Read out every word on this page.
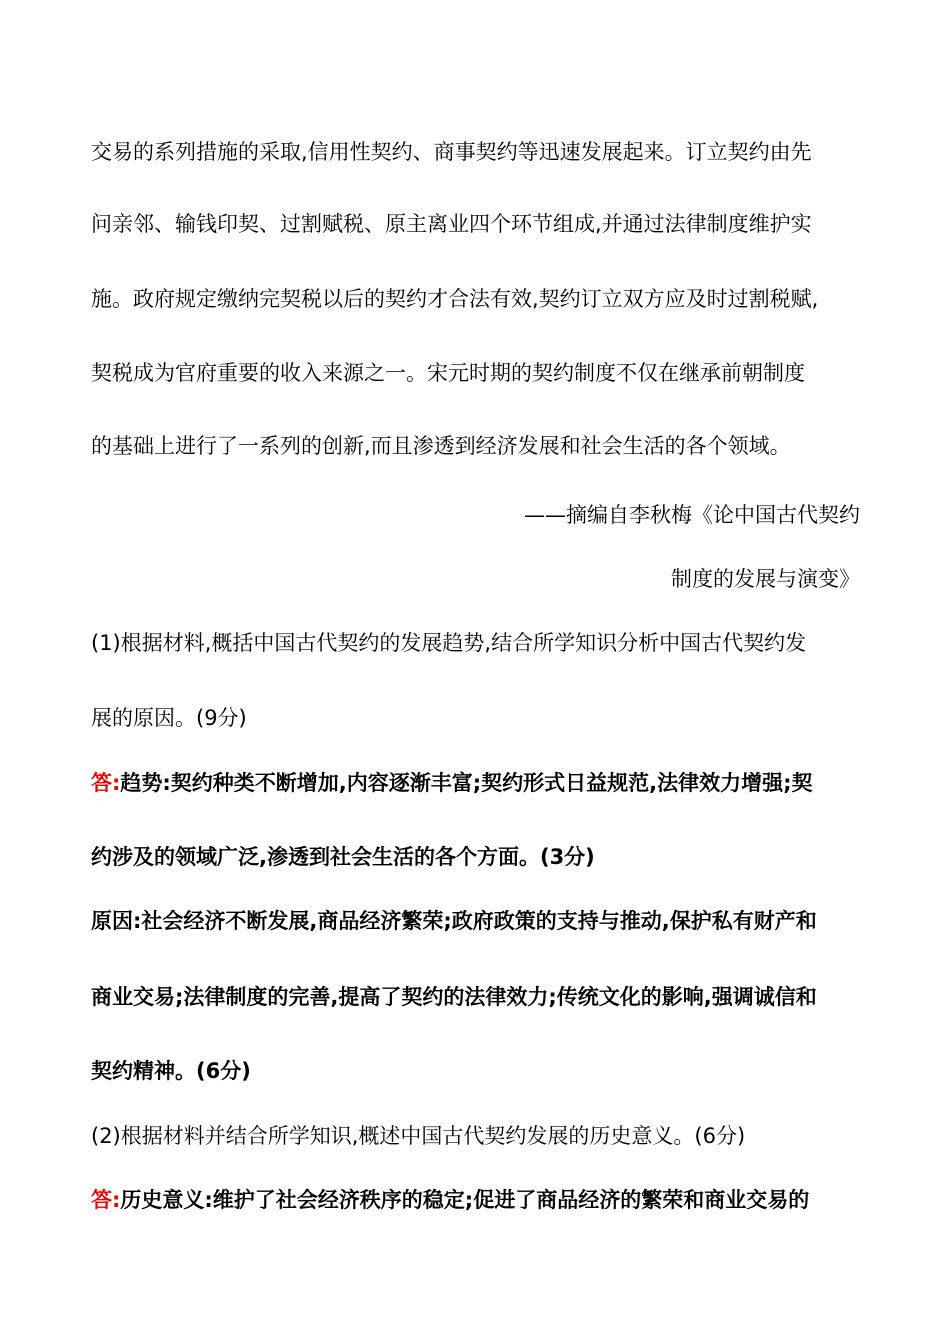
交易的系列措施的采取,信用性契约、商事契约等迅速发展起来。订立契约由先
问亲邻、输钱印契、过割赋税、原主离业四个环节组成,并通过法律制度维护实
施。政府规定缴纳完契税以后的契约才合法有效,契约订立双方应及时过割税赋,
契税成为官府重要的收入来源之一。宋元时期的契约制度不仅在继承前朝制度
的基础上进行了一系列的创新,而且渗透到经济发展和社会生活的各个领域。
——摘编自李秋梅《论中国古代契约
制度的发展与演变》
(1)根据材料,概括中国古代契约的发展趋势,结合所学知识分析中国古代契约发
展的原因。(9分)
答:趋势:契约种类不断增加,内容逐渐丰富;契约形式日益规范,法律效力增强;契
约涉及的领域广泛,渗透到社会生活的各个方面。(3分)
原因:社会经济不断发展,商品经济繁荣;政府政策的支持与推动,保护私有财产和
商业交易;法律制度的完善,提高了契约的法律效力;传统文化的影响,强调诚信和
契约精神。(6分)
(2)根据材料并结合所学知识,概述中国古代契约发展的历史意义。(6分)
答:历史意义:维护了社会经济秩序的稳定;促进了商品经济的繁荣和商业交易的
